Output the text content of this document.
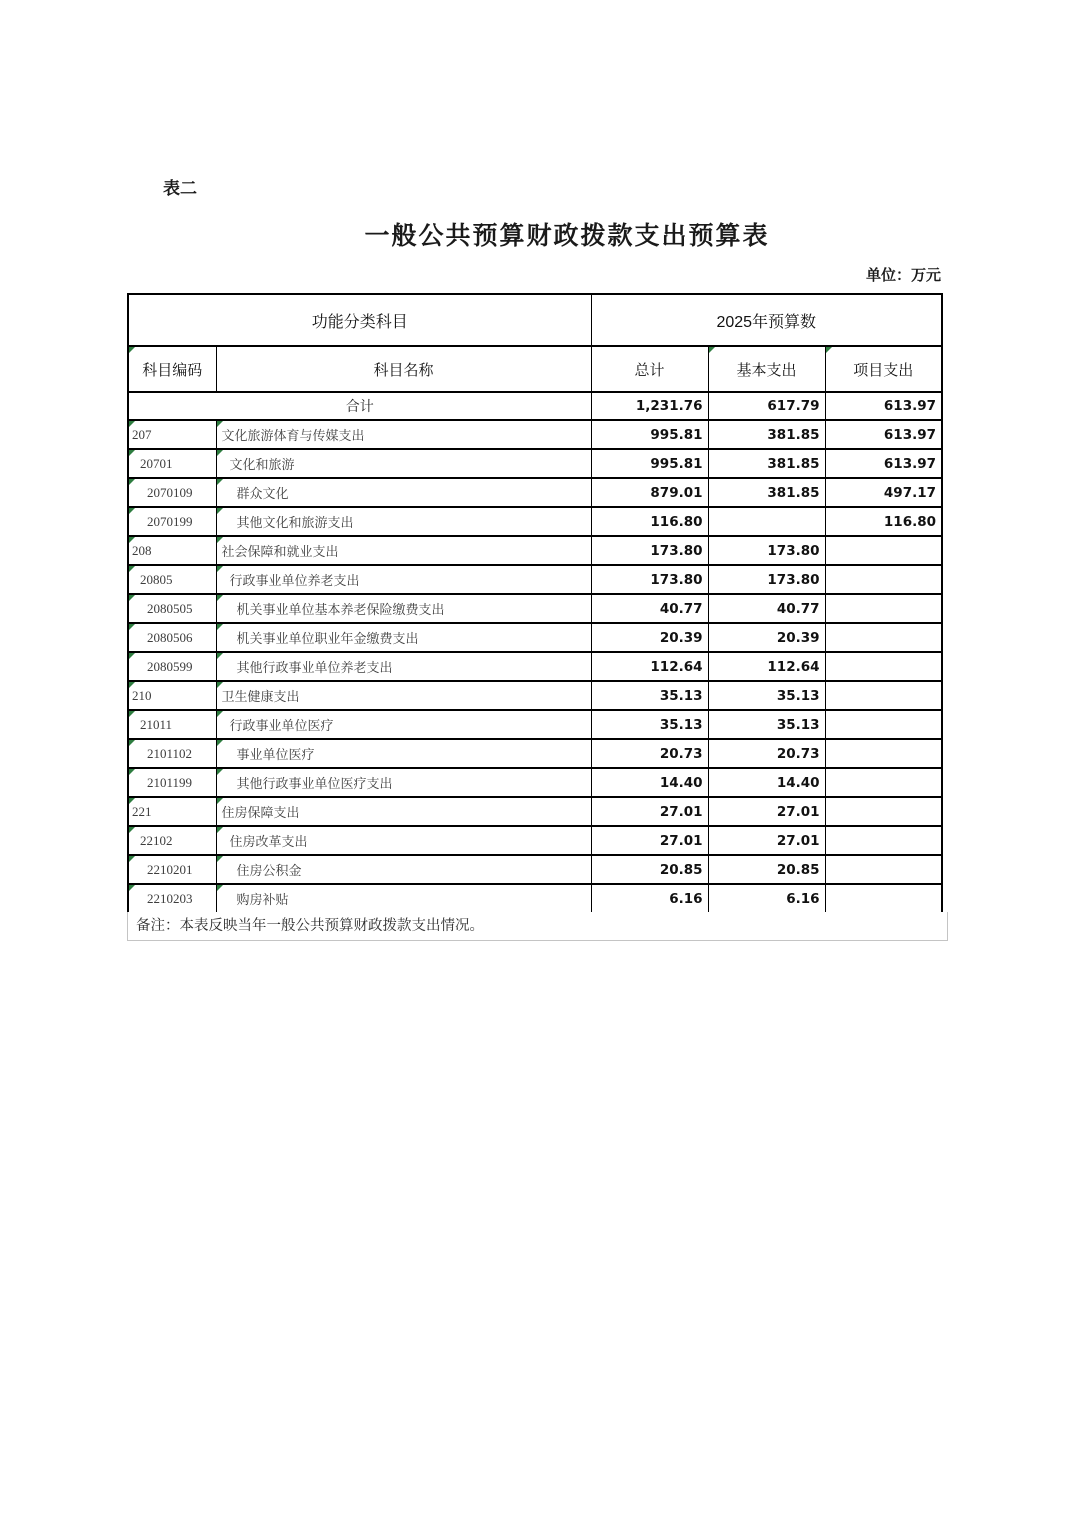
表二
一般公共预算财政拨款支出预算表
单位：万元
功能分类科目		2025年预算数		
科目编码	科目名称	总计	基本支出	项目支出
合计		1,231.76	617.79	613.97
207	文化旅游体育与传媒支出	995.81	381.85	613.97
20701	文化和旅游	995.81	381.85	613.97
2070109	群众文化	879.01	381.85	497.17
2070199	其他文化和旅游支出	116.80		116.80
208	社会保障和就业支出	173.80	173.80	
20805	行政事业单位养老支出	173.80	173.80	
2080505	机关事业单位基本养老保险缴费支出	40.77	40.77	
2080506	机关事业单位职业年金缴费支出	20.39	20.39	
2080599	其他行政事业单位养老支出	112.64	112.64	
210	卫生健康支出	35.13	35.13	
21011	行政事业单位医疗	35.13	35.13	
2101102	事业单位医疗	20.73	20.73	
2101199	其他行政事业单位医疗支出	14.40	14.40	
221	住房保障支出	27.01	27.01	
22102	住房改革支出	27.01	27.01	
2210201	住房公积金	20.85	20.85	
2210203	购房补贴	6.16	6.16	
备注：本表反映当年一般公共预算财政拨款支出情况。
